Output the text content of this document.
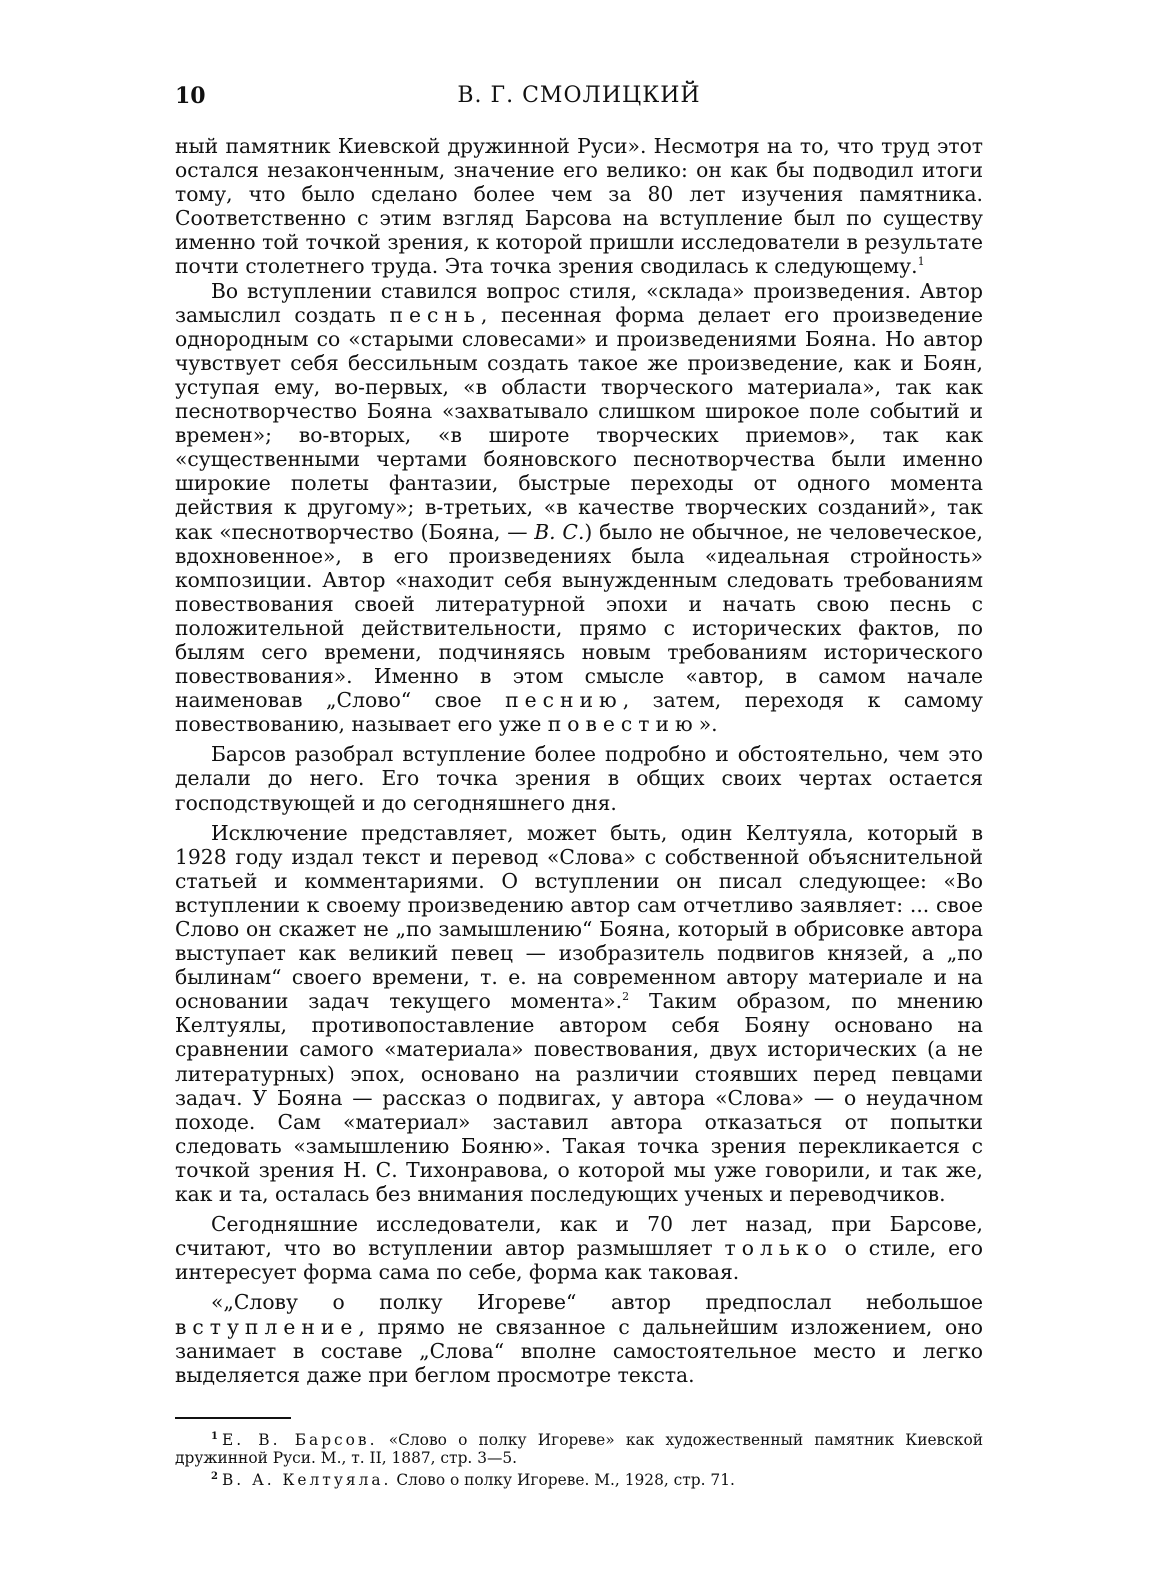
10	В. Г. СМОЛИЦКИЙ

ный памятник Киевской дружинной Руси». Несмотря на то, что труд этот остался незаконченным, значение его велико: он как бы подводил итоги тому, что было сделано более чем за 80 лет изучения памятника. Соответственно с этим взгляд Барсова на вступление был по существу именно той точкой зрения, к которой пришли исследователи в результате почти столетнего труда. Эта точка зрения сводилась к следующему.$^1$

Во вступлении ставился вопрос стиля, «склада» произведения. Автор замыслил создать песнь, песенная форма делает его произведение однородным со «старыми словесами» и произведениями Бояна. Но автор чувствует себя бессильным создать такое же произведение, как и Боян, уступая ему, во-первых, «в области творческого материала», так как песнотворчество Бояна «захватывало слишком широкое поле событий и времен»; во-вторых, «в широте творческих приемов», так как «существенными чертами бояновского песнотворчества были именно широкие полеты фантазии, быстрые переходы от одного момента действия к другому»; в-третьих, «в качестве творческих созданий», так как «песнотворчество (Бояна, — В. С.) было не обычное, не человеческое, вдохновенное», в его произведениях была «идеальная стройность» композиции. Автор «находит себя вынужденным следовать требованиям повествования своей литературной эпохи и начать свою песнь с положительной действительности, прямо с исторических фактов, по былям сего времени, подчиняясь новым требованиям исторического повествования». Именно в этом смысле «автор, в самом начале наименовав „Слово“ свое песнию, затем, переходя к самому повествованию, называет его уже повестию».

Барсов разобрал вступление более подробно и обстоятельно, чем это делали до него. Его точка зрения в общих своих чертах остается господствующей и до сегодняшнего дня.

Исключение представляет, может быть, один Келтуяла, который в 1928 году издал текст и перевод «Слова» с собственной объяснительной статьей и комментариями. О вступлении он писал следующее: «Во вступлении к своему произведению автор сам отчетливо заявляет: ... свое Слово он скажет не „по замышлению“ Бояна, который в обрисовке автора выступает как великий певец — изобразитель подвигов князей, а „по былинам“ своего времени, т. е. на современном автору материале и на основании задач текущего момента».$^2$ Таким образом, по мнению Келтуялы, противопоставление автором себя Бояну основано на сравнении самого «материала» повествования, двух исторических (а не литературных) эпох, основано на различии стоявших перед певцами задач. У Бояна — рассказ о подвигах, у автора «Слова» — о неудачном походе. Сам «материал» заставил автора отказаться от попытки следовать «замышлению Бояню». Такая точка зрения перекликается с точкой зрения Н. С. Тихонравова, о которой мы уже говорили, и так же, как и та, осталась без внимания последующих ученых и переводчиков.

Сегодняшние исследователи, как и 70 лет назад, при Барсове, считают, что во вступлении автор размышляет только о стиле, его интересует форма сама по себе, форма как таковая.

«„Слову о полку Игореве“ автор предпослал небольшое вступление, прямо не связанное с дальнейшим изложением, оно занимает в составе „Слова“ вполне самостоятельное место и легко выделяется даже при беглом просмотре текста.

$^1$ Е. В. Барсов. «Слово о полку Игореве» как художественный памятник Киевской дружинной Руси. М., т. II, 1887, стр. 3—5.

$^2$ В. А. Келтуяла. Слово о полку Игореве. М., 1928, стр. 71.
